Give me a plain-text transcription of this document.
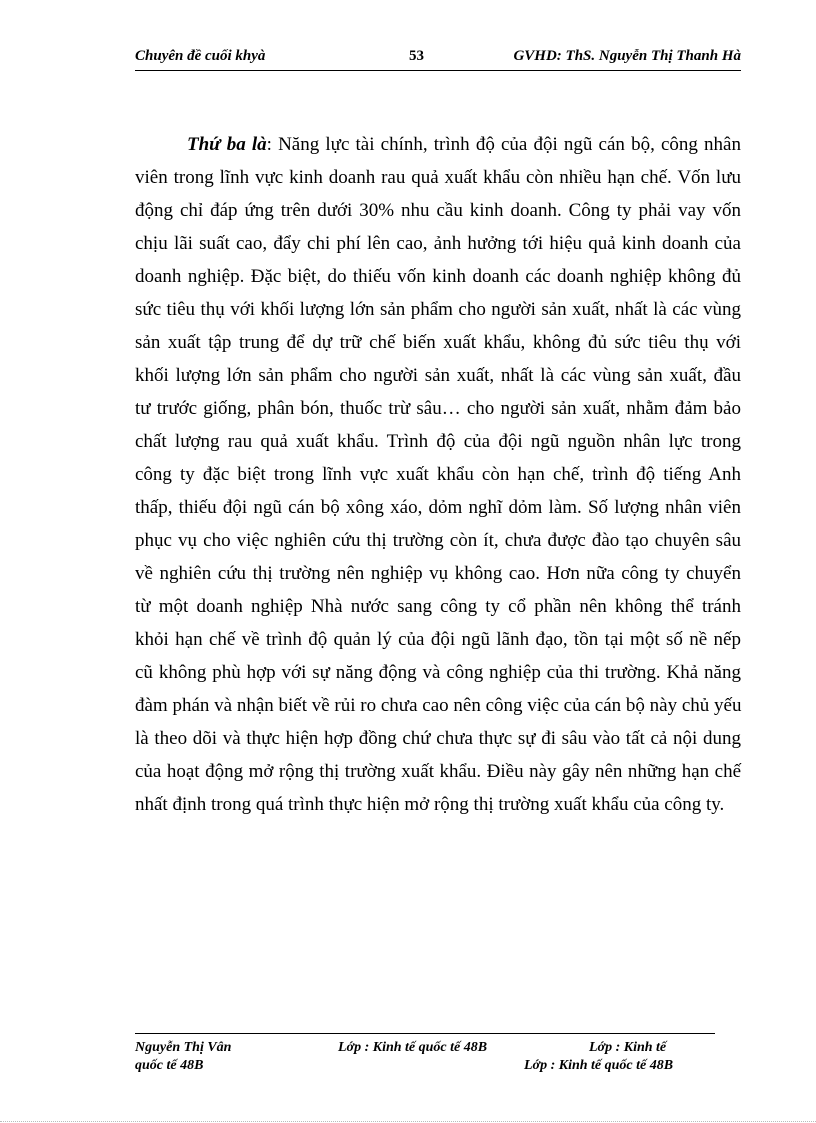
Chuyên đề cuối khyà	53	GVHD: ThS. Nguyễn Thị Thanh Hà
Thứ ba là: Năng lực tài chính, trình độ của đội ngũ cán bộ, công nhân
viên trong lĩnh vực kinh doanh rau quả xuất khẩu còn nhiều hạn chế. Vốn lưu
động chỉ đáp ứng trên dưới 30% nhu cầu kinh doanh. Công ty phải vay vốn
chịu lãi suất cao, đẩy chi phí lên cao, ảnh hưởng tới hiệu quả kinh doanh của
doanh nghiệp. Đặc biệt, do thiếu vốn kinh doanh các doanh nghiệp không đủ
sức tiêu thụ với khối lượng lớn sản phẩm cho người sản xuất, nhất là các vùng
sản xuất tập trung để dự trữ chế biến xuất khẩu, không đủ sức tiêu thụ với
khối lượng lớn sản phẩm cho người sản xuất, nhất là các vùng sản xuất, đầu
tư trước giống, phân bón, thuốc trừ sâu… cho người sản xuất, nhằm đảm bảo
chất lượng rau quả xuất khẩu. Trình độ của đội ngũ nguồn nhân lực trong
công ty đặc biệt trong lĩnh vực xuất khẩu còn hạn chế, trình độ tiếng Anh
thấp, thiếu đội ngũ cán bộ xông xáo, dỏm nghĩ dỏm làm. Số lượng nhân viên
phục vụ cho việc nghiên cứu thị trường còn ít, chưa được đào tạo chuyên sâu
về nghiên cứu thị trường nên nghiệp vụ không cao. Hơn nữa công ty chuyển
từ một doanh nghiệp Nhà nước sang công ty cổ phần nên không thể tránh
khỏi hạn chế về trình độ quản lý của đội ngũ lãnh đạo, tồn tại một số nề nếp
cũ không phù hợp với sự năng động và công nghiệp của thi trường. Khả năng
đàm phán và nhận biết về rủi ro chưa cao nên công việc của cán bộ này chủ yếu
là theo dõi và thực hiện hợp đồng chứ chưa thực sự đi sâu vào tất cả nội dung
của hoạt động mở rộng thị trường xuất khẩu. Điều này gây nên những hạn chế
nhất định trong quá trình thực hiện mở rộng thị trường xuất khẩu của công ty.
Nguyễn Thị Vân	Lớp : Kinh tế quốc tế 48B	Lớp : Kinh tế
quốc tế 48B	Lớp : Kinh tế quốc tế 48B
